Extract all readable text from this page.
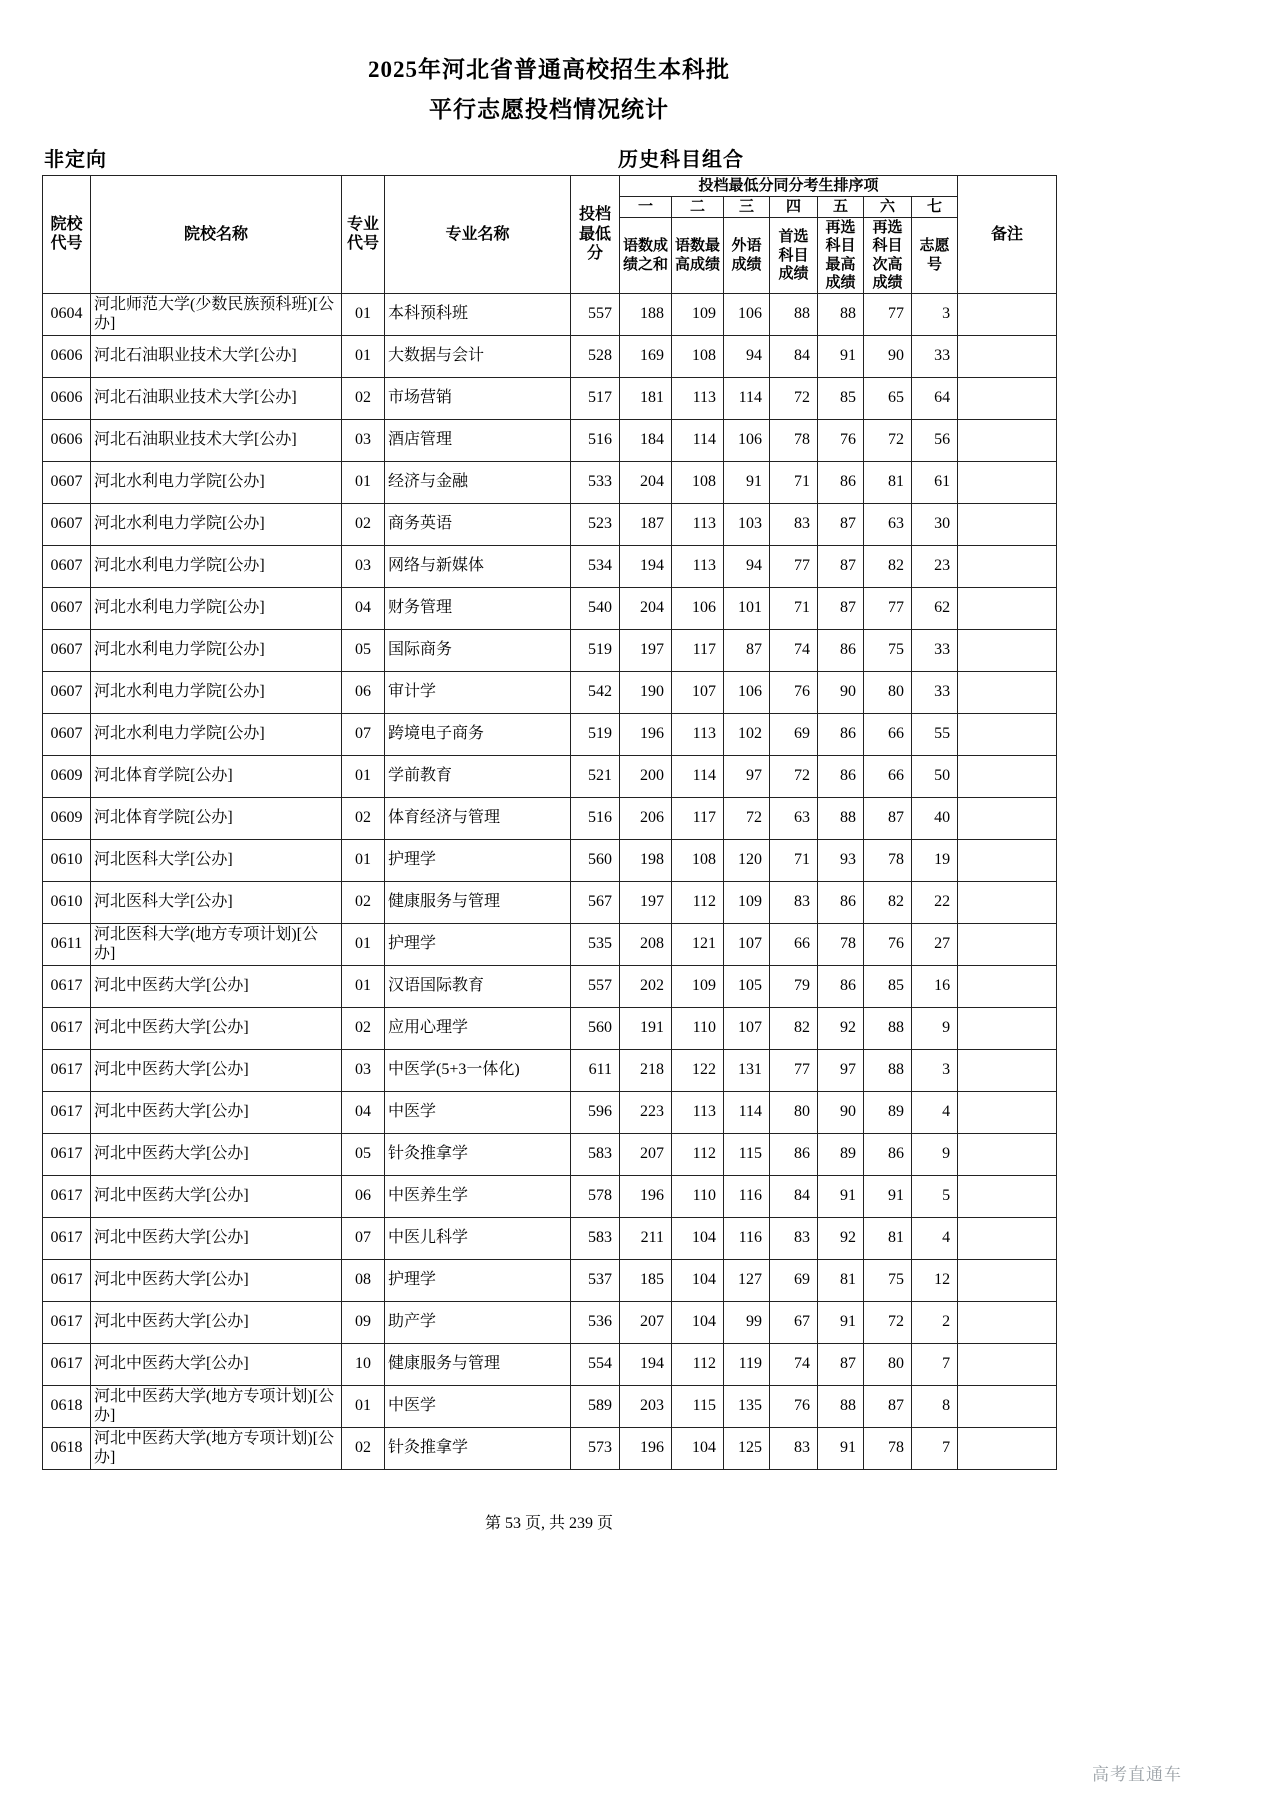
2025年河北省普通高校招生本科批
平行志愿投档情况统计
非定向	历史科目组合
院校代号	院校名称	专业代号	专业名称	投档最低分	投档最低分同分考生排序项							备注
					一	二	三	四	五	六	七	
					语数成绩之和	语数最高成绩	外语成绩	首选科目成绩	再选科目最高成绩	再选科目次高成绩	志愿号	
0604	河北师范大学(少数民族预科班)[公办]	01	本科预科班	557	188	109	106	88	88	77	3	
0606	河北石油职业技术大学[公办]	01	大数据与会计	528	169	108	94	84	91	90	33	
0606	河北石油职业技术大学[公办]	02	市场营销	517	181	113	114	72	85	65	64	
0606	河北石油职业技术大学[公办]	03	酒店管理	516	184	114	106	78	76	72	56	
0607	河北水利电力学院[公办]	01	经济与金融	533	204	108	91	71	86	81	61	
0607	河北水利电力学院[公办]	02	商务英语	523	187	113	103	83	87	63	30	
0607	河北水利电力学院[公办]	03	网络与新媒体	534	194	113	94	77	87	82	23	
0607	河北水利电力学院[公办]	04	财务管理	540	204	106	101	71	87	77	62	
0607	河北水利电力学院[公办]	05	国际商务	519	197	117	87	74	86	75	33	
0607	河北水利电力学院[公办]	06	审计学	542	190	107	106	76	90	80	33	
0607	河北水利电力学院[公办]	07	跨境电子商务	519	196	113	102	69	86	66	55	
0609	河北体育学院[公办]	01	学前教育	521	200	114	97	72	86	66	50	
0609	河北体育学院[公办]	02	体育经济与管理	516	206	117	72	63	88	87	40	
0610	河北医科大学[公办]	01	护理学	560	198	108	120	71	93	78	19	
0610	河北医科大学[公办]	02	健康服务与管理	567	197	112	109	83	86	82	22	
0611	河北医科大学(地方专项计划)[公办]	01	护理学	535	208	121	107	66	78	76	27	
0617	河北中医药大学[公办]	01	汉语国际教育	557	202	109	105	79	86	85	16	
0617	河北中医药大学[公办]	02	应用心理学	560	191	110	107	82	92	88	9	
0617	河北中医药大学[公办]	03	中医学(5+3一体化)	611	218	122	131	77	97	88	3	
0617	河北中医药大学[公办]	04	中医学	596	223	113	114	80	90	89	4	
0617	河北中医药大学[公办]	05	针灸推拿学	583	207	112	115	86	89	86	9	
0617	河北中医药大学[公办]	06	中医养生学	578	196	110	116	84	91	91	5	
0617	河北中医药大学[公办]	07	中医儿科学	583	211	104	116	83	92	81	4	
0617	河北中医药大学[公办]	08	护理学	537	185	104	127	69	81	75	12	
0617	河北中医药大学[公办]	09	助产学	536	207	104	99	67	91	72	2	
0617	河北中医药大学[公办]	10	健康服务与管理	554	194	112	119	74	87	80	7	
0618	河北中医药大学(地方专项计划)[公办]	01	中医学	589	203	115	135	76	88	87	8	
0618	河北中医药大学(地方专项计划)[公办]	02	针灸推拿学	573	196	104	125	83	91	78	7	
第 53 页, 共 239 页
高考直通车
